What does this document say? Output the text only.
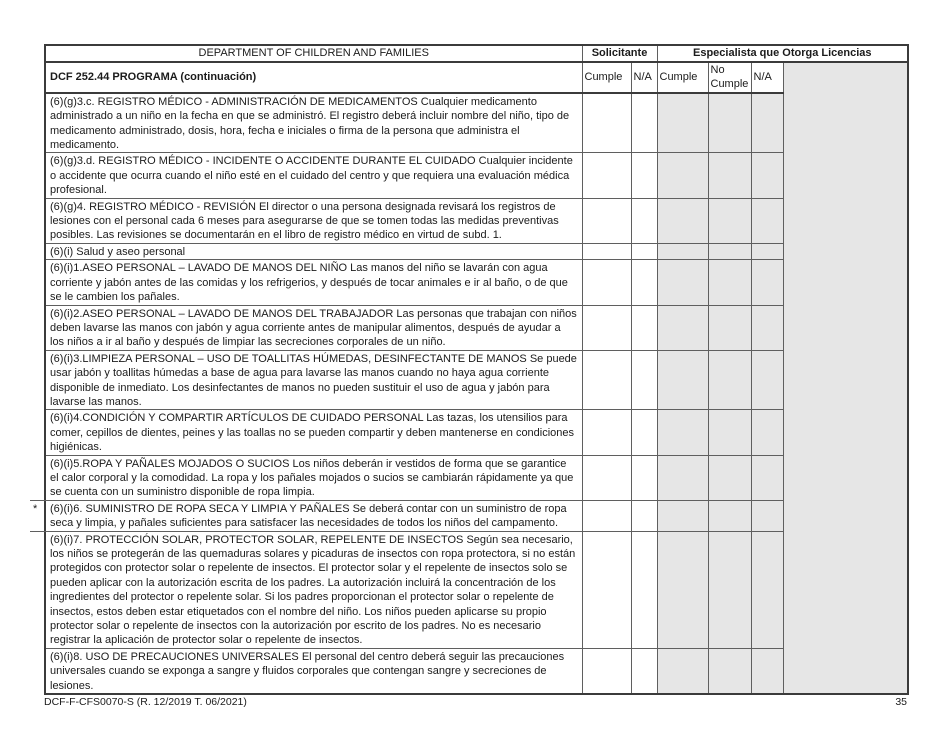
DEPARTMENT OF CHILDREN AND FAMILIES	Solicitante		Especialista que Otorga Licencias			
DCF 252.44 PROGRAMA (continuación)	Cumple	N/A	Cumple	No Cumple	N/A	

(6)(g)3.c. REGISTRO MÉDICO - ADMINISTRACIÓN DE MEDICAMENTOS Cualquier medicamento administrado a un niño en la fecha en que se administró. El registro deberá incluir nombre del niño, tipo de medicamento administrado, dosis, hora, fecha e iniciales o firma de la persona que administra el medicamento.						

(6)(g)3.d. REGISTRO MÉDICO - INCIDENTE O ACCIDENTE DURANTE EL CUIDADO Cualquier incidente o accidente que ocurra cuando el niño esté en el cuidado del centro y que requiera una evaluación médica profesional.						

(6)(g)4. REGISTRO MÉDICO - REVISIÓN El director o una persona designada revisará los registros de lesiones con el personal cada 6 meses para asegurarse de que se tomen todas las medidas preventivas posibles. Las revisiones se documentarán en el libro de registro médico en virtud de subd. 1.						

(6)(i) Salud y aseo personal						

(6)(i)1.ASEO PERSONAL – LAVADO DE MANOS DEL NIÑO Las manos del niño se lavarán con agua corriente y jabón antes de las comidas y los refrigerios, y después de tocar animales e ir al baño, o de que se le cambien los pañales.						

(6)(i)2.ASEO PERSONAL – LAVADO DE MANOS DEL TRABAJADOR Las personas que trabajan con niños deben lavarse las manos con jabón y agua corriente antes de manipular alimentos, después de ayudar a los niños a ir al baño y después de limpiar las secreciones corporales de un niño.						

(6)(i)3.LIMPIEZA PERSONAL – USO DE TOALLITAS HÚMEDAS, DESINFECTANTE DE MANOS Se puede usar jabón y toallitas húmedas a base de agua para lavarse las manos cuando no haya agua corriente disponible de inmediato. Los desinfectantes de manos no pueden sustituir el uso de agua y jabón para lavarse las manos.						

(6)(i)4.CONDICIÓN Y COMPARTIR ARTÍCULOS DE CUIDADO PERSONAL Las tazas, los utensilios para comer, cepillos de dientes, peines y las toallas no se pueden compartir y deben mantenerse en condiciones higiénicas.						

(6)(i)5.ROPA Y PAÑALES MOJADOS O SUCIOS Los niños deberán ir vestidos de forma que se garantice el calor corporal y la comodidad. La ropa y los pañales mojados o sucios se cambiarán rápidamente ya que se cuenta con un suministro disponible de ropa limpia.						

* (6)(i)6. SUMINISTRO DE ROPA SECA Y LIMPIA Y PAÑALES Se deberá contar con un suministro de ropa seca y limpia, y pañales suficientes para satisfacer las necesidades de todos los niños del campamento.						

(6)(i)7. PROTECCIÓN SOLAR, PROTECTOR SOLAR, REPELENTE DE INSECTOS Según sea necesario, los niños se protegerán de las quemaduras solares y picaduras de insectos con ropa protectora, si no están protegidos con protector solar o repelente de insectos. El protector solar y el repelente de insectos solo se pueden aplicar con la autorización escrita de los padres. La autorización incluirá la concentración de los ingredientes del protector o repelente solar. Si los padres proporcionan el protector solar o repelente de insectos, estos deben estar etiquetados con el nombre del niño. Los niños pueden aplicarse su propio protector solar o repelente de insectos con la autorización por escrito de los padres. No es necesario registrar la aplicación de protector solar o repelente de insectos.						

(6)(i)8. USO DE PRECAUCIONES UNIVERSALES El personal del centro deberá seguir las precauciones universales cuando se exponga a sangre y fluidos corporales que contengan sangre y secreciones de lesiones.						
DCF-F-CFS0070-S (R. 12/2019 T. 06/2021)	35
